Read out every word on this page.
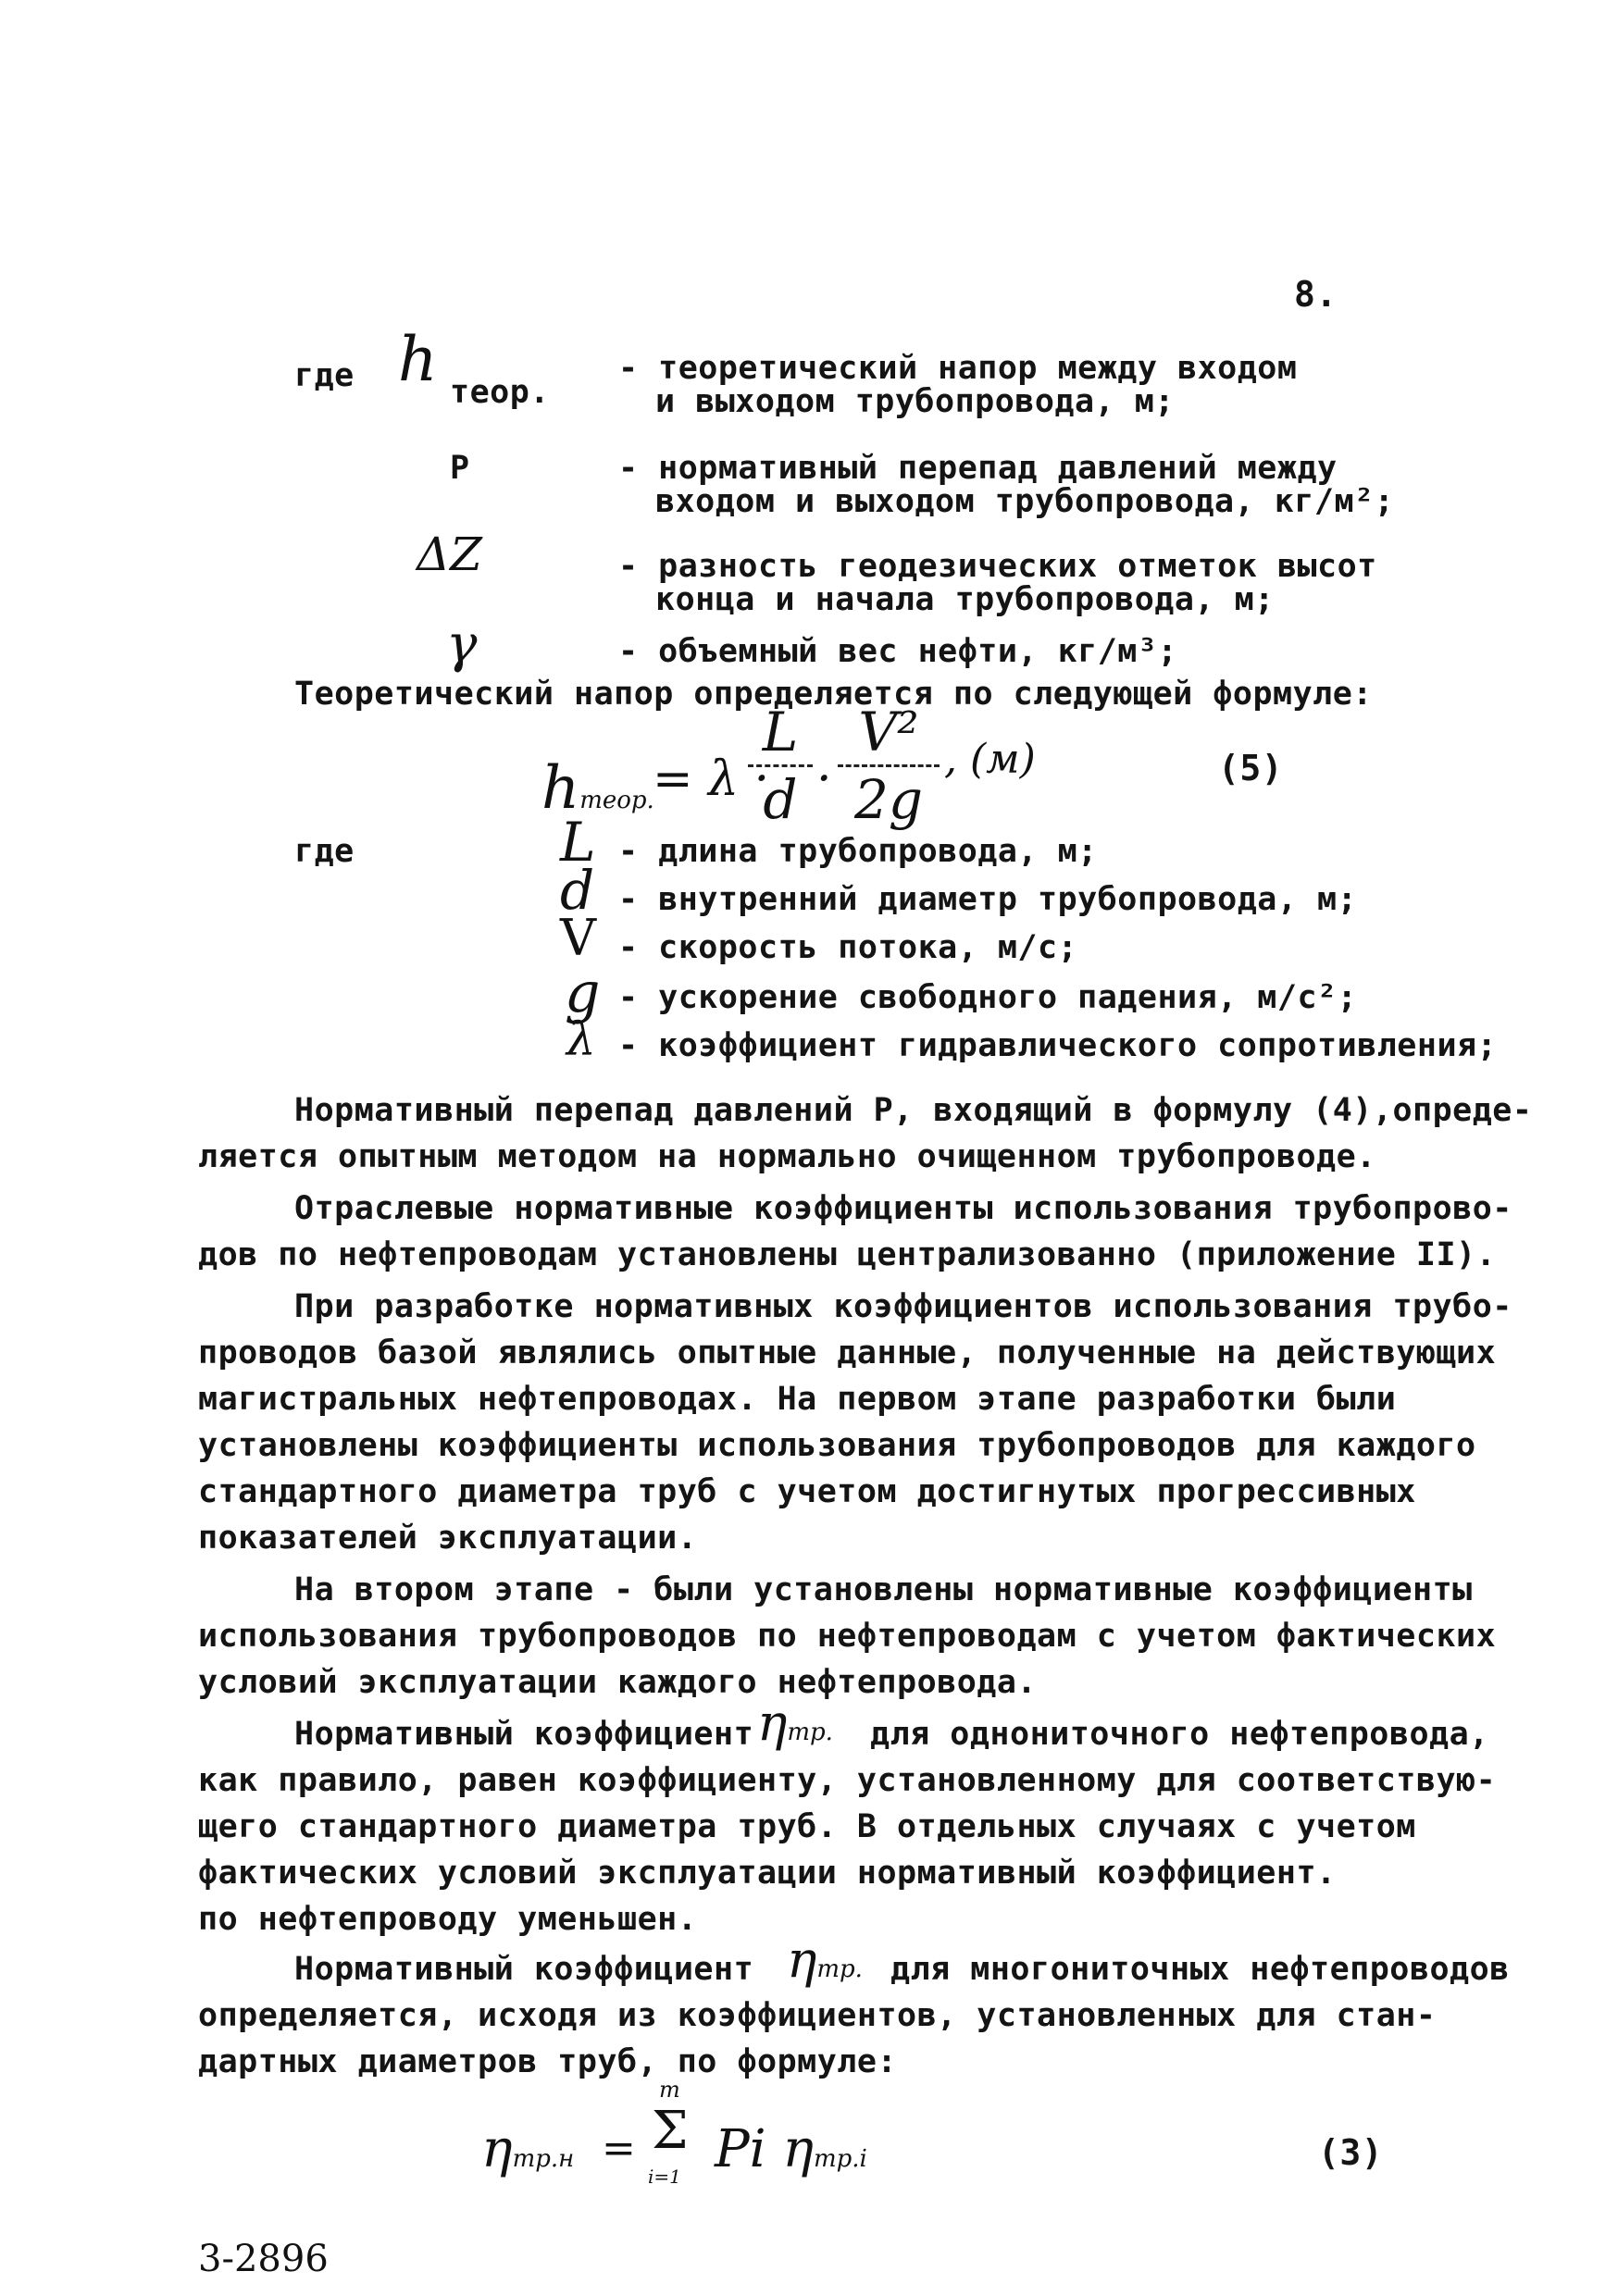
8.
где h теор.
- теоретический напор между входом
и выходом трубопровода, м;
P	- нормативный перепад давлений между
входом и выходом трубопровода, кг/м²;
ΔZ	- разность геодезических отметок высот
конца и начала трубопровода, м;
γ	- объемный вес нефти, кг/м³;
Теоретический напор определяется по следующей формуле:
hтеор.
= λ ·
L
d ·
V²
2g
, (м)	(5)
где	L - длина трубопровода, м;
d - внутренний диаметр трубопровода, м;
V - скорость потока, м/с;
g - ускорение свободного падения, м/с²;
λ - коэффициент гидравлического сопротивления;
Нормативный перепад давлений Р, входящий в формулу (4),опреде-
ляется опытным методом на нормально очищенном трубопроводе.
Отраслевые нормативные коэффициенты использования трубопрово-
дов по нефтепроводам установлены централизованно (приложение II).
При разработке нормативных коэффициентов использования трубо-
проводов базой являлись опытные данные, полученные на действующих
магистральных нефтепроводах. На первом этапе разработки были
установлены коэффициенты использования трубопроводов для каждого
стандартного диаметра труб с учетом достигнутых прогрессивных
показателей эксплуатации.
На втором этапе - были установлены нормативные коэффициенты
использования трубопроводов по нефтепроводам с учетом фактических
условий эксплуатации каждого нефтепровода.
Нормативный коэффициент ηтр. для однониточного нефтепровода,
как правило, равен коэффициенту, установленному для соответствую-
щего стандартного диаметра труб. В отдельных случаях с учетом
фактических условий эксплуатации нормативный коэффициент.
по нефтепроводу уменьшен.
Нормативный коэффициент ηтр. для многониточных нефтепроводов
определяется, исходя из коэффициентов, установленных для стан-
дартных диаметров труб, по формуле:
ηтр.н =
m
Σ
i=1 Pi ηтр.i	(3)
3-2896
